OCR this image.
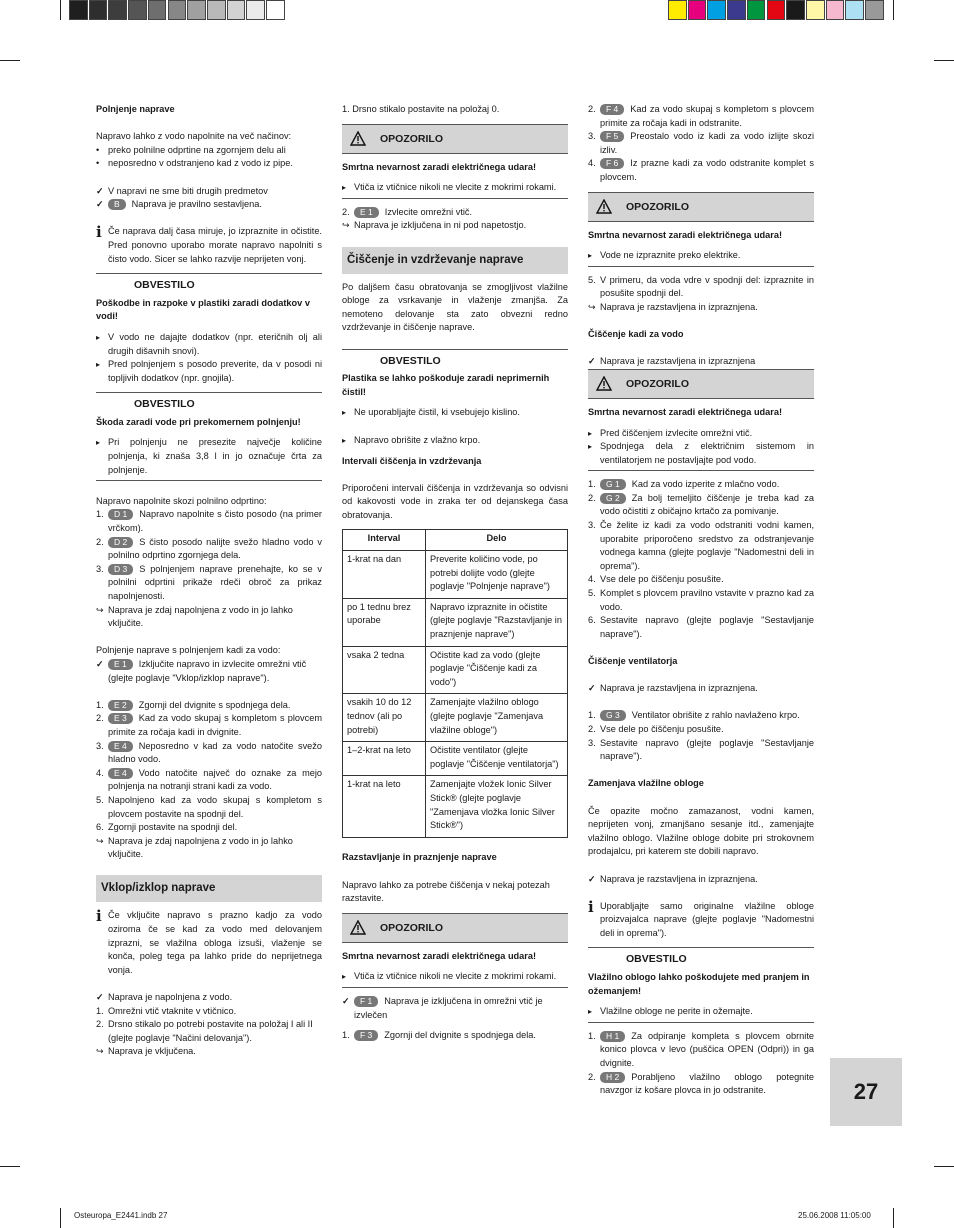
Polnjenje naprave

Napravo lahko z vodo napolnite na več načinov:

• preko polnilne odprtine na zgornjem delu ali
• neposredno v odstranjeno kad z vodo iz pipe.
✓ V napravi ne sme biti drugih predmetov
✓ B Naprava je pravilno sestavljena.
i Če naprava dalj časa miruje, jo izpraznite in očistite. Pred ponovno uporabo morate napravo napolniti s čisto vodo. Sicer se lahko razvije neprijeten vonj.
OBVESTILO

Poškodbe in razpoke v plastiki zaradi dodatkov v vodi!

▸ V vodo ne dajajte dodatkov (npr. eteričnih olj ali drugih dišavnih snovi).
▸ Pred polnjenjem s posodo preverite, da v posodi ni topljivih dodatkov (npr. gnojila).
OBVESTILO

Škoda zaradi vode pri prekomernem polnjenju!

▸ Pri polnjenju ne presezite največje količine polnjenja, ki znaša 3,8 l in jo označuje črta za polnjenje.

Napravo napolnite skozi polnilno odprtino:

1. D 1 Napravo napolnite s čisto posodo (na primer vrčkom).
2. D 2 S čisto posodo nalijte svežo hladno vodo v polnilno odprtino zgornjega dela.
3. D 3 S polnjenjem naprave prenehajte, ko se v polnilni odprtini prikaže rdeči obroč za prikaz napolnjenosti.
↪ Naprava je zdaj napolnjena z vodo in jo lahko vključite.

Polnjenje naprave s polnjenjem kadi za vodo:

✓ E 1 Izključite napravo in izvlecite omrežni vtič (glejte poglavje "Vklop/izklop naprave").
1. E 2 Zgornji del dvignite s spodnjega dela.
2. E 3 Kad za vodo skupaj s kompletom s plovcem primite za ročaja kadi in dvignite.
3. E 4 Neposredno v kad za vodo natočite svežo hladno vodo.
4. E 4 Vodo natočite največ do oznake za mejo polnjenja na notranji strani kadi za vodo.
5. Napolnjeno kad za vodo skupaj s kompletom s plovcem postavite na spodnji del.
6. Zgornji postavite na spodnji del.
↪ Naprava je zdaj napolnjena z vodo in jo lahko vključite.
Vklop/izklop naprave
i Če vključite napravo s prazno kadjo za vodo oziroma če se kad za vodo med delovanjem izprazni, se vlažilna obloga izsuši, vlaženje se konča, poleg tega pa lahko pride do neprijetnega vonja.
✓ Naprava je napolnjena z vodo.
1. Omrežni vtič vtaknite v vtičnico.
2. Drsno stikalo po potrebi postavite na položaj I ali II (glejte poglavje "Načini delovanja").
↪ Naprava je vključena.

1. Drsno stikalo postavite na položaj 0.

OPOZORILO

Smrtna nevarnost zaradi električnega udara!

▸ Vtiča iz vtičnice nikoli ne vlecite z mokrimi rokami.
2. E 1 Izvlecite omrežni vtič.
↪ Naprava je izključena in ni pod napetostjo.
Čiščenje in vzdrževanje naprave

Po daljšem času obratovanja se zmogljivost vlažilne obloge za vsrkavanje in vlaženje zmanjša. Za nemoteno delovanje sta zato obvezni redno vzdrževanje in čiščenje naprave.

OBVESTILO

Plastika se lahko poškoduje zaradi neprimernih čistil!

▸ Ne uporabljajte čistil, ki vsebujejo kislino.
▸ Napravo obrišite z vlažno krpo.

Intervali čiščenja in vzdrževanja

Priporočeni intervali čiščenja in vzdrževanja so odvisni od kakovosti vode in zraka ter od dejanskega časa obratovanja.

Interval	Delo
1-krat na dan	Preverite količino vode, po potrebi dolijte vodo (glejte poglavje "Polnjenje naprave")
po 1 tednu brez uporabe	Napravo izpraznite in očistite (glejte poglavje "Razstavljanje in praznjenje naprave")
vsaka 2 tedna	Očistite kad za vodo (glejte poglavje "Čiščenje kadi za vodo")
vsakih 10 do 12 tednov (ali po potrebi)	Zamenjajte vlažilno oblogo (glejte poglavje "Zamenjava vlažilne obloge")
1–2-krat na leto	Očistite ventilator (glejte poglavje "Čiščenje ventilatorja")
1-krat na leto	Zamenjajte vložek Ionic Silver Stick® (glejte poglavje "Zamenjava vložka Ionic Silver Stick®")

Razstavljanje in praznjenje naprave

Napravo lahko za potrebe čiščenja v nekaj potezah razstavite.

OPOZORILO

Smrtna nevarnost zaradi električnega udara!

▸ Vtiča iz vtičnice nikoli ne vlecite z mokrimi rokami.
✓ F 1 Naprava je izključena in omrežni vtič je izvlečen
1. F 3 Zgornji del dvignite s spodnjega dela.
2. F 4 Kad za vodo skupaj s kompletom s plovcem primite za ročaja kadi in odstranite.
3. F 5 Preostalo vodo iz kadi za vodo izlijte skozi izliv.
4. F 6 Iz prazne kadi za vodo odstranite komplet s plovcem.
OPOZORILO

Smrtna nevarnost zaradi električnega udara!

▸ Vode ne izpraznite preko elektrike.
5. V primeru, da voda vdre v spodnji del: izpraznite in posušite spodnji del.
↪ Naprava je razstavljena in izpraznjena.

Čiščenje kadi za vodo

✓ Naprava je razstavljena in izpraznjena
OPOZORILO

Smrtna nevarnost zaradi električnega udara!

▸ Pred čiščenjem izvlecite omrežni vtič.
▸ Spodnjega dela z električnim sistemom in ventilatorjem ne postavljajte pod vodo.
1. G 1 Kad za vodo izperite z mlačno vodo.
2. G 2 Za bolj temeljito čiščenje je treba kad za vodo očistiti z običajno krtačo za pomivanje.
3. Če želite iz kadi za vodo odstraniti vodni kamen, uporabite priporočeno sredstvo za odstranjevanje vodnega kamna (glejte poglavje "Nadomestni deli in oprema").
4. Vse dele po čiščenju posušite.
5. Komplet s plovcem pravilno vstavite v prazno kad za vodo.
6. Sestavite napravo (glejte poglavje "Sestavljanje naprave").

Čiščenje ventilatorja

✓ Naprava je razstavljena in izpraznjena.
1. G 3 Ventilator obrišite z rahlo navlaženo krpo.
2. Vse dele po čiščenju posušite.
3. Sestavite napravo (glejte poglavje "Sestavljanje naprave").

Zamenjava vlažilne obloge

Če opazite močno zamazanost, vodni kamen, neprijeten vonj, zmanjšano sesanje itd., zamenjajte vlažilno oblogo. Vlažilne obloge dobite pri strokovnem prodajalcu, pri katerem ste dobili napravo.

✓ Naprava je razstavljena in izpraznjena.
i Uporabljajte samo originalne vlažilne obloge proizvajalca naprave (glejte poglavje "Nadomestni deli in oprema").
OBVESTILO

Vlažilno oblogo lahko poškodujete med pranjem in ožemanjem!

▸ Vlažilne obloge ne perite in ožemajte.
1. H 1 Za odpiranje kompleta s plovcem obrnite konico plovca v levo (puščica OPEN (Odpri)) in ga dvignite.
2. H 2 Porabljeno vlažilno oblogo potegnite navzgor iz košare plovca in jo odstranite.	27
Osteuropa_E2441.indb 27	25.06.2008 11:05:00
